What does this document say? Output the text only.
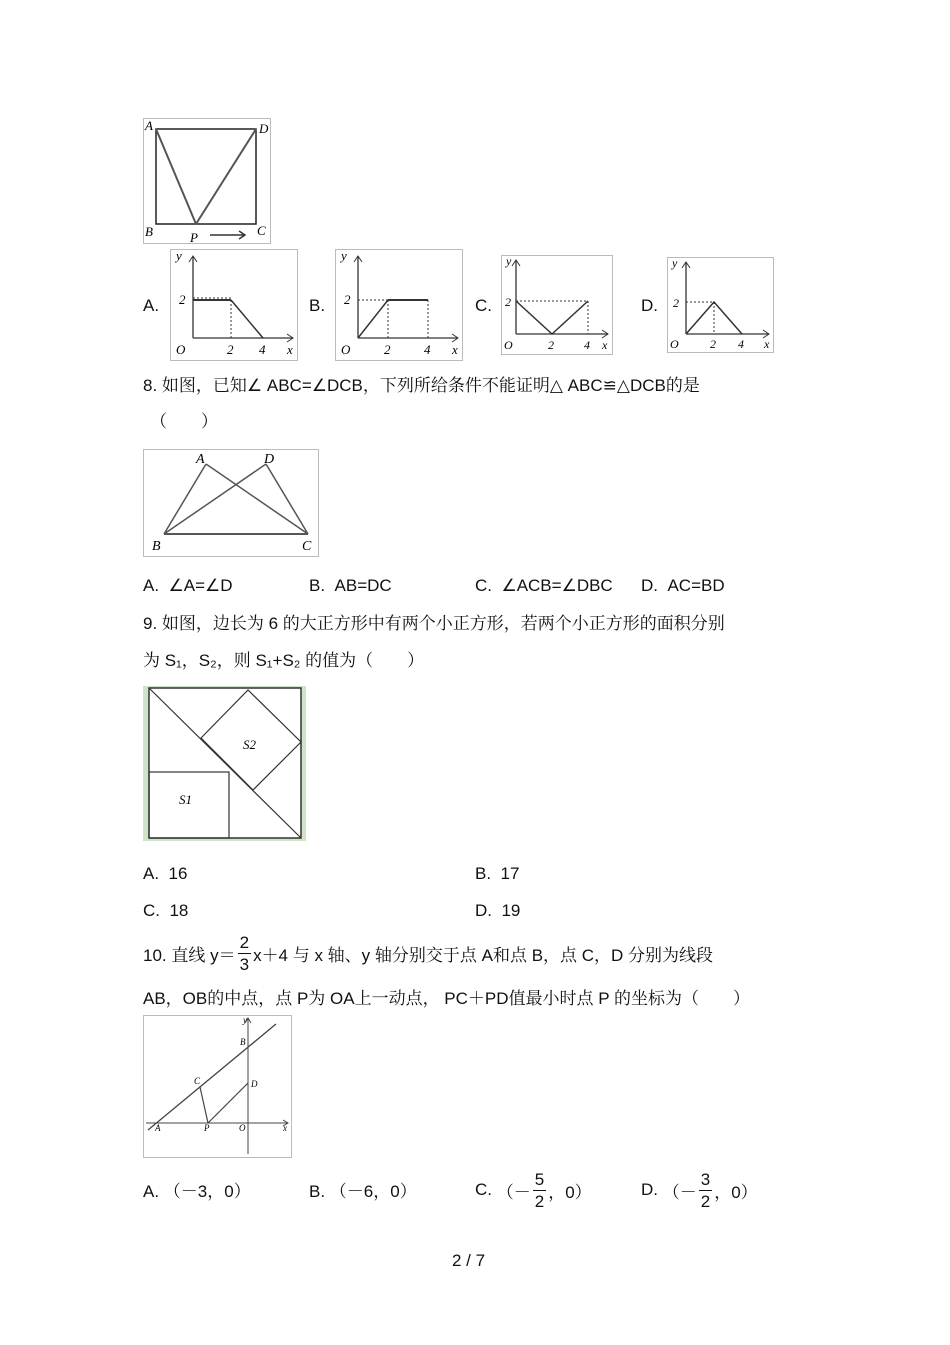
A	D
B	C
P
A. 2
O	2 4 x
y
B. 2
O	2	4 x
y
C. 2
O	2	4 x
y
D. 2
O	2 4 x
y
8. 如图，已知∠ ABC=∠DCB，下列所给条件不能证明△ ABC≌△DCB的是
（　　）
A	D
B	C
A. ∠A=∠D	B. AB=DC	C. ∠ACB=∠DBC D. AC=BD
9. 如图，边长为 6 的大正方形中有两个小正方形，若两个小正方形的面积分别
为 S₁，S₂，则 S₁+S₂ 的值为（　　）
S1
S2
A. 16	B. 17
C. 18	D. 19
10. 直线 $y= \frac{2}{3} x+4$ 与 x 轴、y 轴分别交于点 A和点 B，点 C，D 分别为线段
AB，OB的中点，点 P为 OA上一动点， PC＋PD值最小时点 P 的坐标为（　　）
y
x
B
C	D
A	P	O
A. （－3，0）	B. （－6，0）	C.
（－ $\frac{5}{2}$ ，0）	D.
（－ $\frac{3}{2}$ ，0）
2 / 7
